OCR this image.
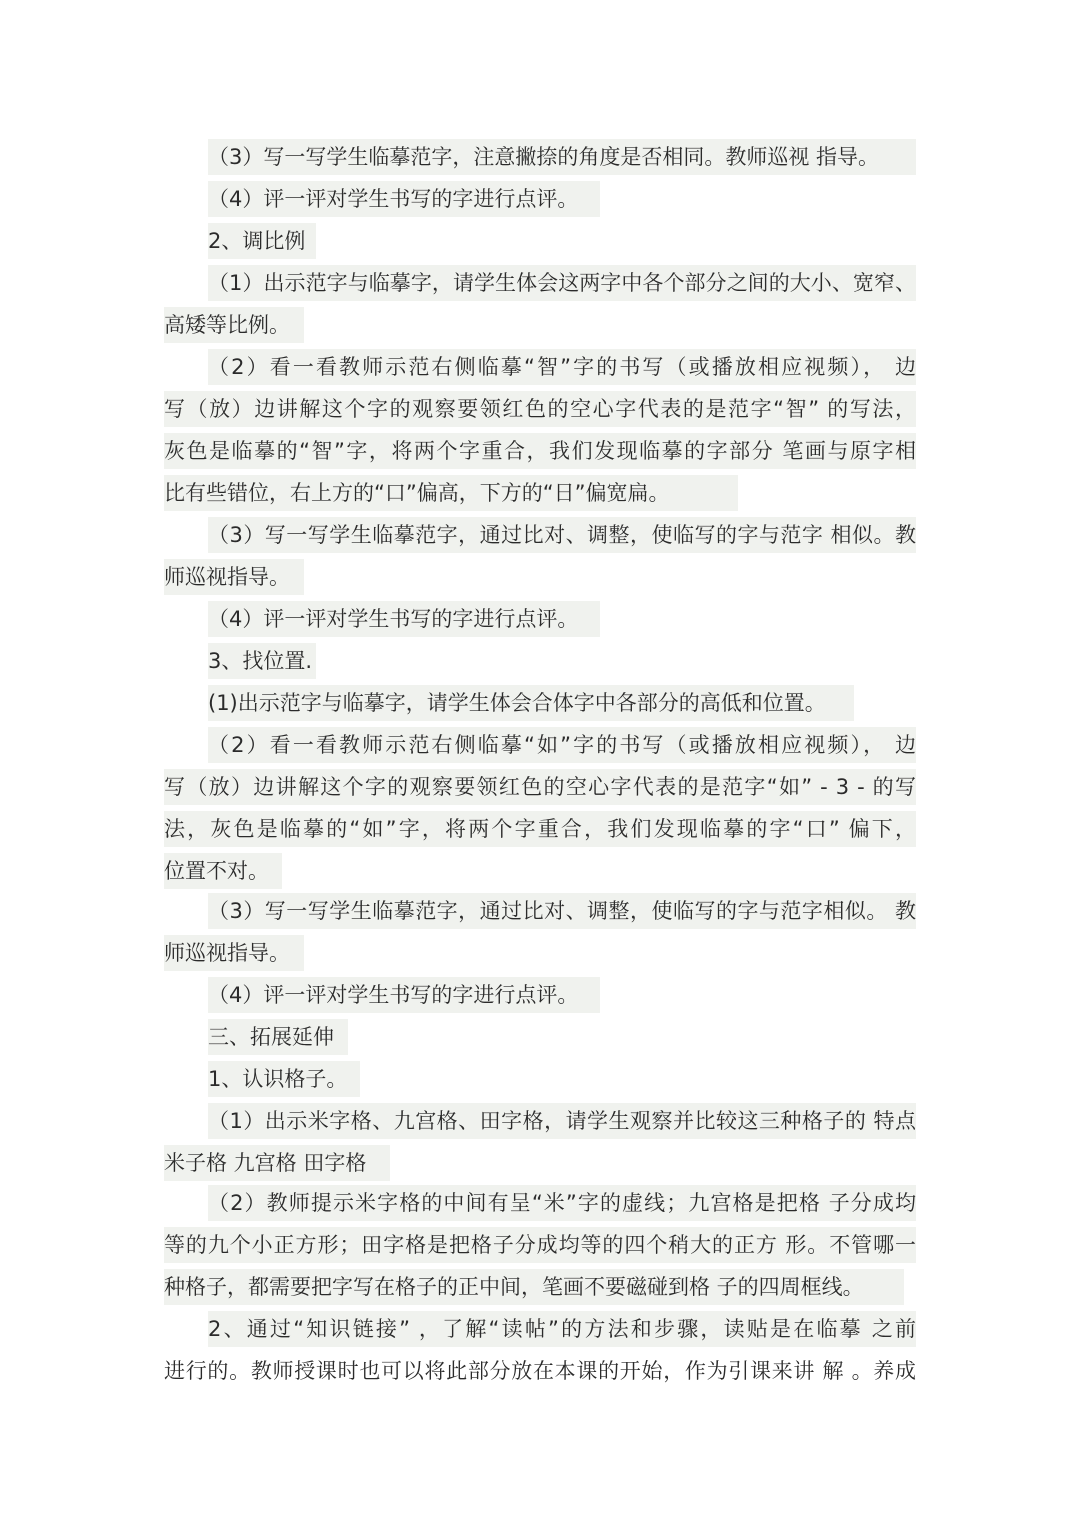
（3）写一写学生临摹范字，注意撇捺的角度是否相同。教师巡视 指导。
（4）评一评对学生书写的字进行点评。
2、调比例
（1）出示范字与临摹字，请学生体会这两字中各个部分之间的大小、宽窄、
高矮等比例。
（2）看一看教师示范右侧临摹“智”字的书写（或播放相应视频）， 边
写（放）边讲解这个字的观察要领红色的空心字代表的是范字“智” 的写法，
灰色是临摹的“智”字，将两个字重合，我们发现临摹的字部分 笔画与原字相
比有些错位，右上方的“口”偏高，下方的“日”偏宽扁。
（3）写一写学生临摹范字，通过比对、调整，使临写的字与范字 相似。教
师巡视指导。
（4）评一评对学生书写的字进行点评。
3、找位置.
(1)出示范字与临摹字，请学生体会合体字中各部分的高低和位置。
（2）看一看教师示范右侧临摹“如”字的书写（或播放相应视频）， 边
写（放）边讲解这个字的观察要领红色的空心字代表的是范字“如” - 3 - 的写
法，灰色是临摹的“如”字，将两个字重合，我们发现临摹的字“口” 偏下，
位置不对。
（3）写一写学生临摹范字，通过比对、调整，使临写的字与范字相似。 教
师巡视指导。
（4）评一评对学生书写的字进行点评。
三、拓展延伸
1、认识格子。
（1）出示米字格、九宫格、田字格，请学生观察并比较这三种格子的 特点
米子格 九宫格 田字格
（2）教师提示米字格的中间有呈“米”字的虚线；九宫格是把格 子分成均
等的九个小正方形；田字格是把格子分成均等的四个稍大的正方 形。不管哪一
种格子，都需要把字写在格子的正中间，笔画不要磁碰到格 子的四周框线。
2、通过“知识链接” ，了解“读帖”的方法和步骤，读贴是在临摹 之前
进行的。教师授课时也可以将此部分放在本课的开始，作为引课来讲 解 。养成
